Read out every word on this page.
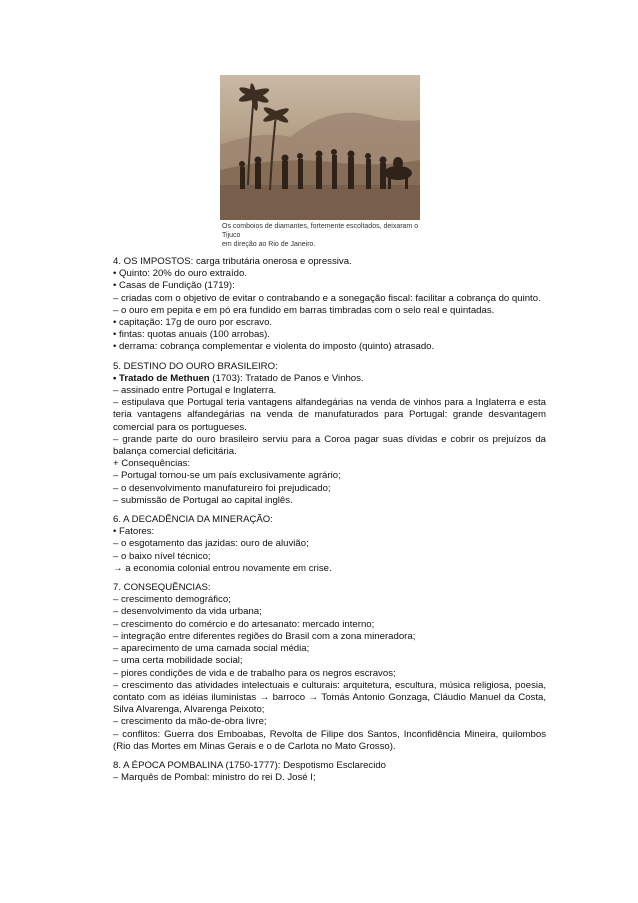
Os comboios de diamantes, fortemente escoltados, deixaram o Tijuco
em direção ao Rio de Janeiro.

4. OS IMPOSTOS: carga tributária onerosa e opressiva.

• Quinto: 20% do ouro extraído.

• Casas de Fundição (1719):

– criadas com o objetivo de evitar o contrabando e a sonegação fiscal: facilitar a cobrança do quinto.

– o ouro em pepita e em pó era fundido em barras timbradas com o selo real e quintadas.

• capitação: 17g de ouro por escravo.

• fintas: quotas anuais (100 arrobas).

• derrama: cobrança complementar e violenta do imposto (quinto) atrasado.

5. DESTINO DO OURO BRASILEIRO:

• Tratado de Methuen (1703): Tratado de Panos e Vinhos.

– assinado entre Portugal e Inglaterra.

– estipulava que Portugal teria vantagens alfandegárias na venda de vinhos para a Inglaterra e esta teria vantagens alfandegárias na venda de manufaturados para Portugal: grande desvantagem comercial para os portugueses.

– grande parte do ouro brasileiro serviu para a Coroa pagar suas dívidas e cobrir os prejuízos da balança comercial deficitária.

+ Consequências:

– Portugal tornou-se um país exclusivamente agrário;

– o desenvolvimento manufatureiro foi prejudicado;

– submissão de Portugal ao capital inglês.

6. A DECADÊNCIA DA MINERAÇÃO:

• Fatores:

– o esgotamento das jazidas: ouro de aluvião;

– o baixo nível técnico;

→ a economia colonial entrou novamente em crise.

7. CONSEQUÊNCIAS:

– crescimento demográfico;

– desenvolvimento da vida urbana;

– crescimento do comércio e do artesanato: mercado interno;

– integração entre diferentes regiões do Brasil com a zona mineradora;

– aparecimento de uma camada social média;

– uma certa mobilidade social;

– piores condições de vida e de trabalho para os negros escravos;

– crescimento das atividades intelectuais e culturais: arquitetura, escultura, música religiosa, poesia, contato com as idéias iluministas → barroco → Tomás Antonio Gonzaga, Cláudio Manuel da Costa, Silva Alvarenga, Alvarenga Peixoto;

– crescimento da mão-de-obra livre;

– conflitos: Guerra dos Emboabas, Revolta de Filipe dos Santos, Inconfidência Mineira, quilombos (Rio das Mortes em Minas Gerais e o de Carlota no Mato Grosso).

8. A ÉPOCA POMBALINA (1750-1777): Despotismo Esclarecido

– Marquês de Pombal: ministro do rei D. José I;
